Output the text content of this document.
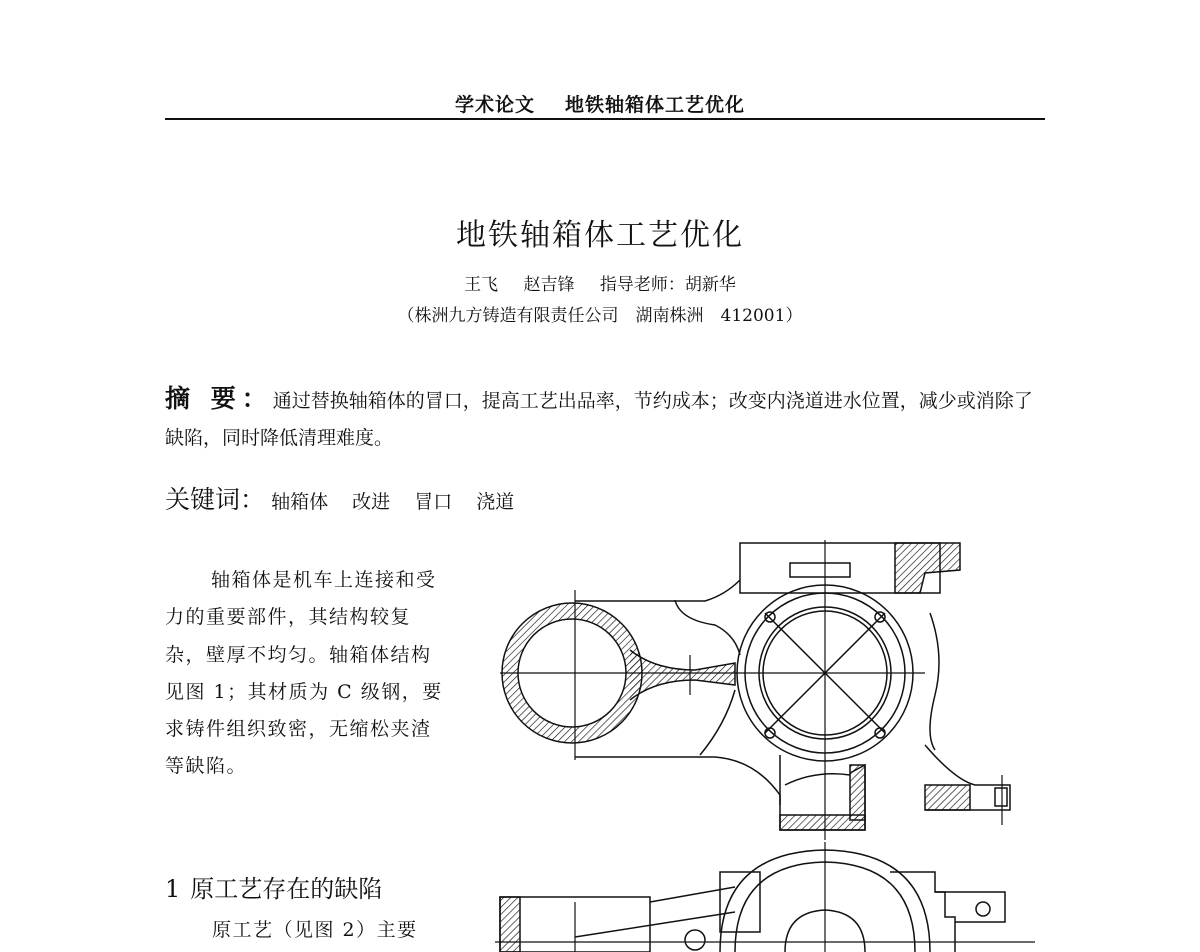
学术论文 地铁轴箱体工艺优化
地铁轴箱体工艺优化
王飞 赵吉锋 指导老师：胡新华
（株洲九方铸造有限责任公司　湖南株洲　412001）
摘 要：通过替换轴箱体的冒口，提高工艺出品率，节约成本；改变内浇道进水位置，减少或消除了缺陷，同时降低清理难度。
关键词： 轴箱体 改进 冒口 浇道
轴箱体是机车上连接和受力的重要部件，其结构较复杂，壁厚不均匀。轴箱体结构见图 1；其材质为 C 级钢，要求铸件组织致密，无缩松夹渣等缺陷。
1 原工艺存在的缺陷
原工艺（见图 2）主要
